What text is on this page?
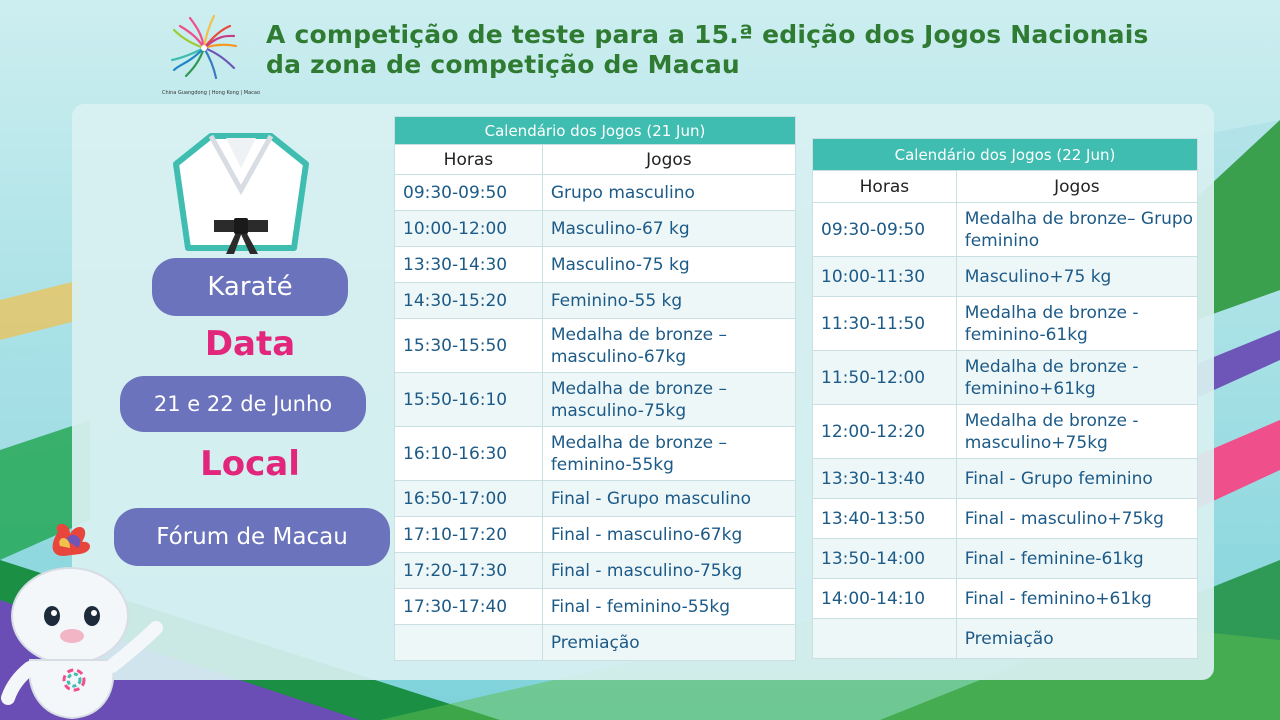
China Guangdong | Hong Kong | Macao
A competição de teste para a 15.ª edição dos Jogos Nacionais
da zona de competição de Macau
Karaté
Data
21 e 22 de Junho
Local
Fórum de Macau
Calendário dos Jogos (21 Jun)	
Horas	Jogos
09:30-09:50	Grupo masculino
10:00-12:00	Masculino-67 kg
13:30-14:30	Masculino-75 kg
14:30-15:20	Feminino-55 kg
15:30-15:50	Medalha de bronze – masculino-67kg
15:50-16:10	Medalha de bronze – masculino-75kg
16:10-16:30	Medalha de bronze – feminino-55kg
16:50-17:00	Final - Grupo masculino
17:10-17:20	Final - masculino-67kg
17:20-17:30	Final - masculino-75kg
17:30-17:40	Final - feminino-55kg
	Premiação
Calendário dos Jogos (22 Jun)	
Horas	Jogos
09:30-09:50	Medalha de bronze– Grupo feminino
10:00-11:30	Masculino+75 kg
11:30-11:50	Medalha de bronze - feminino-61kg
11:50-12:00	Medalha de bronze - feminino+61kg
12:00-12:20	Medalha de bronze - masculino+75kg
13:30-13:40	Final - Grupo feminino
13:40-13:50	Final - masculino+75kg
13:50-14:00	Final - feminine-61kg
14:00-14:10	Final - feminino+61kg
	Premiação
